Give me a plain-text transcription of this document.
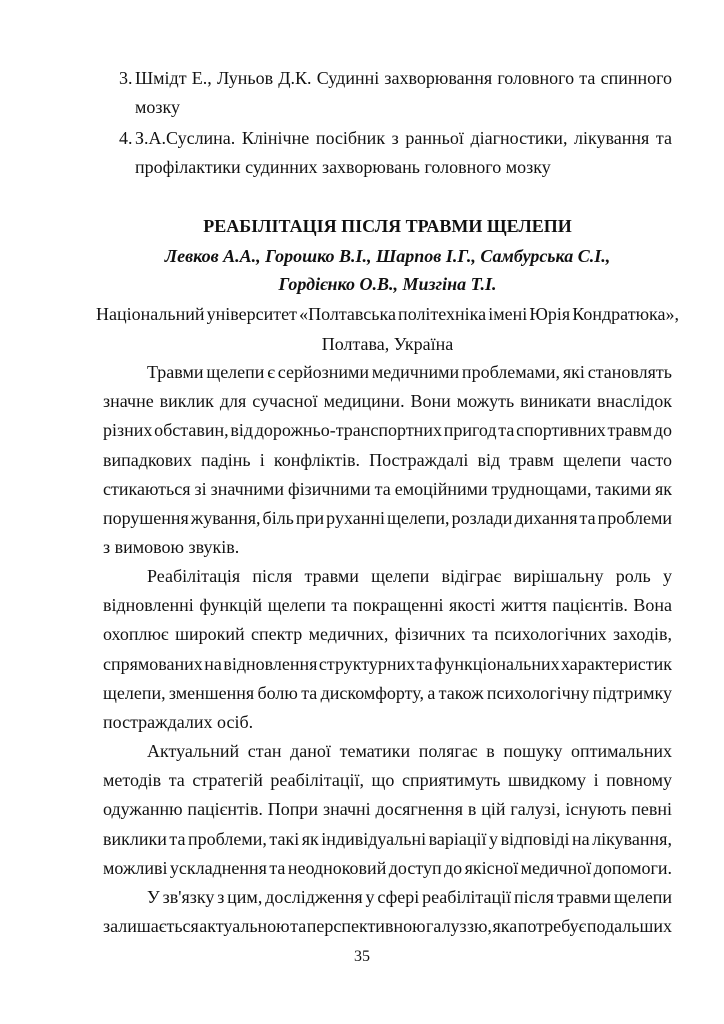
3. Шмідт Е., Луньов Д.К. Судинні захворювання головного та спинного
мозку
4. З.А.Суслина. Клінічне посібник з ранньої діагностики, лікування та
профілактики судинних захворювань головного мозку
РЕАБІЛІТАЦІЯ ПІСЛЯ ТРАВМИ ЩЕЛЕПИ
Левков А.А., Горошко В.І., Шарпов І.Г., Самбурська С.І.,
Гордієнко О.В., Мизгіна Т.І.
Національний університет «Полтавська політехніка імені Юрія Кондратюка»,
Полтава, Україна
Травми щелепи є серйозними медичними проблемами, які становлять
значне виклик для сучасної медицини. Вони можуть виникати внаслідок
різних обставин, від дорожньо-транспортних пригод та спортивних травм до
випадкових падінь і конфліктів. Постраждалі від травм щелепи часто
стикаються зі значними фізичними та емоційними труднощами, такими як
порушення жування, біль при руханні щелепи, розлади дихання та проблеми
з вимовою звуків.
Реабілітація після травми щелепи відіграє вирішальну роль у
відновленні функцій щелепи та покращенні якості життя пацієнтів. Вона
охоплює широкий спектр медичних, фізичних та психологічних заходів,
спрямованих на відновлення структурних та функціональних характеристик
щелепи, зменшення болю та дискомфорту, а також психологічну підтримку
постраждалих осіб.
Актуальний стан даної тематики полягає в пошуку оптимальних
методів та стратегій реабілітації, що сприятимуть швидкому і повному
одужанню пацієнтів. Попри значні досягнення в цій галузі, існують певні
виклики та проблеми, такі як індивідуальні варіації у відповіді на лікування,
можливі ускладнення та неодноковий доступ до якісної медичної допомоги.
У зв'язку з цим, дослідження у сфері реабілітації після травми щелепи
залишається актуальною та перспективною галуззю, яка потребує подальших
35
